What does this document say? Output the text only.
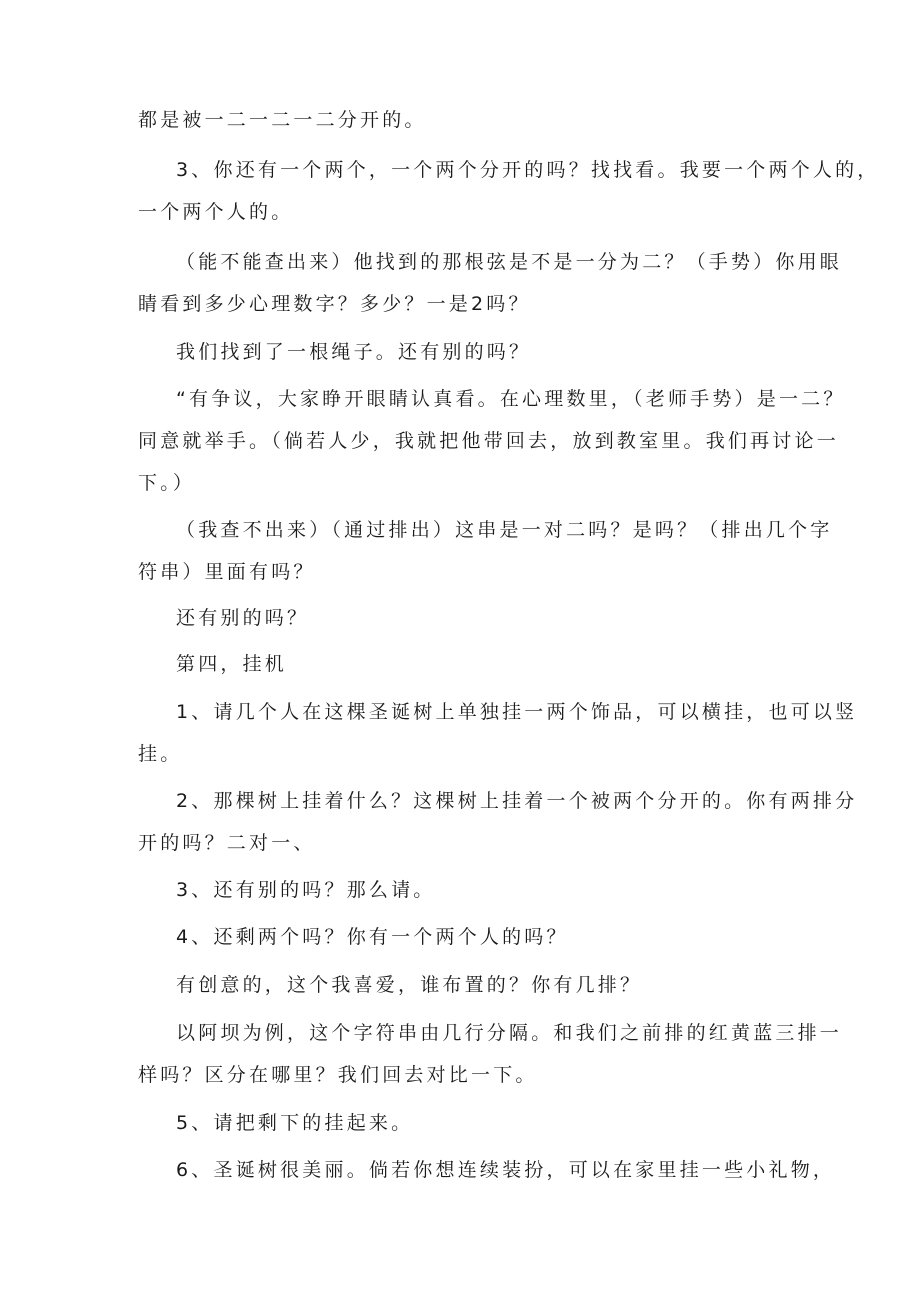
都是被一二一二一二分开的。
3、你还有一个两个，一个两个分开的吗？找找看。我要一个两个人的，
一个两个人的。
（能不能查出来）他找到的那根弦是不是一分为二？（手势）你用眼
睛看到多少心理数字？多少？一是2吗？
我们找到了一根绳子。还有别的吗？
“有争议，大家睁开眼睛认真看。在心理数里，（老师手势）是一二？
同意就举手。（倘若人少，我就把他带回去，放到教室里。我们再讨论一
下。）
（我查不出来）（通过排出）这串是一对二吗？是吗？（排出几个字
符串）里面有吗？
还有别的吗？
第四，挂机
1、请几个人在这棵圣诞树上单独挂一两个饰品，可以横挂，也可以竖
挂。
2、那棵树上挂着什么？这棵树上挂着一个被两个分开的。你有两排分
开的吗？二对一、
3、还有别的吗？那么请。
4、还剩两个吗？你有一个两个人的吗？
有创意的，这个我喜爱，谁布置的？你有几排？
以阿坝为例，这个字符串由几行分隔。和我们之前排的红黄蓝三排一
样吗？区分在哪里？我们回去对比一下。
5、请把剩下的挂起来。
6、圣诞树很美丽。倘若你想连续装扮，可以在家里挂一些小礼物，
